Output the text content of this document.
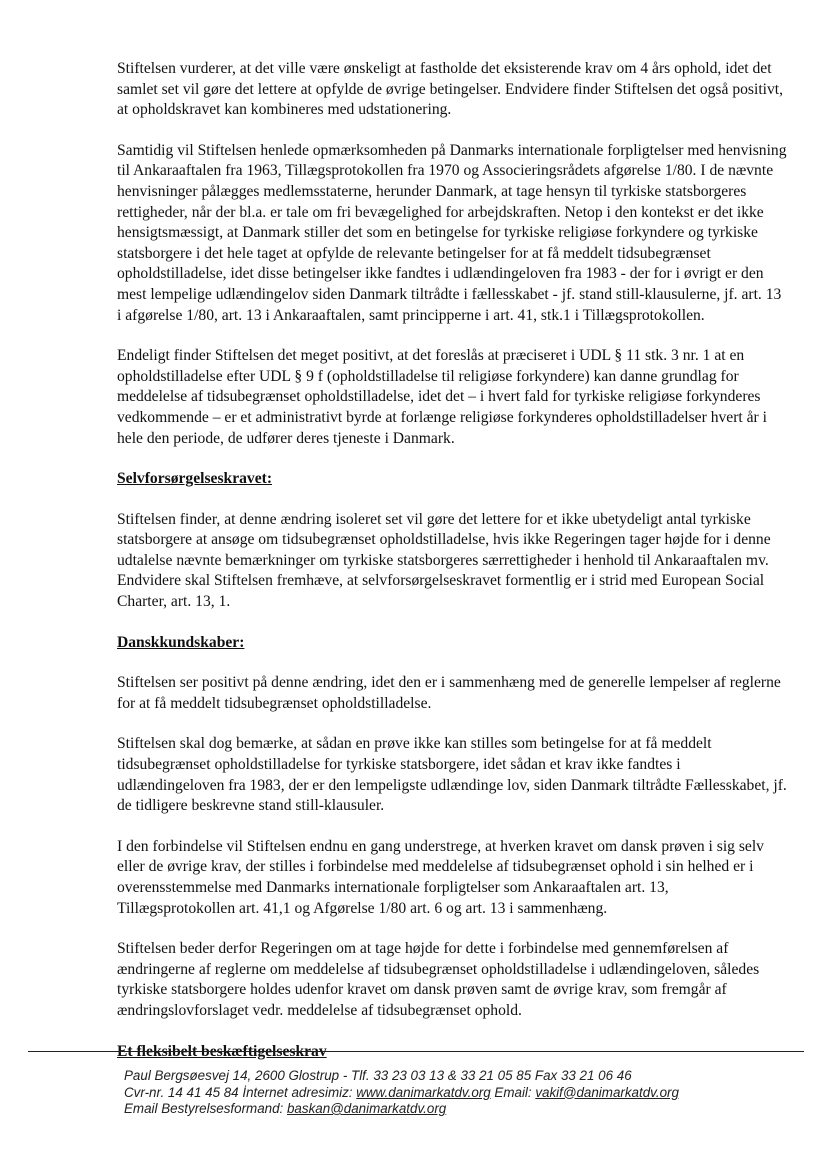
Stiftelsen vurderer, at det ville være ønskeligt at fastholde det eksisterende krav om 4 års ophold, idet det samlet set vil gøre det lettere at opfylde de øvrige betingelser. Endvidere finder Stiftelsen det også positivt, at opholdskravet kan kombineres med udstationering.

Samtidig vil Stiftelsen henlede opmærksomheden på Danmarks internationale forpligtelser med henvisning til Ankaraaftalen fra 1963, Tillægsprotokollen fra 1970 og Associeringsrådets afgørelse 1/80. I de nævnte henvisninger pålægges medlemsstaterne, herunder Danmark, at tage hensyn til tyrkiske statsborgeres rettigheder, når der bl.a. er tale om fri bevægelighed for arbejdskraften. Netop i den kontekst er det ikke hensigtsmæssigt, at Danmark stiller det som en betingelse for tyrkiske religiøse forkyndere og tyrkiske statsborgere i det hele taget at opfylde de relevante betingelser for at få meddelt tidsubegrænset opholdstilladelse, idet disse betingelser ikke fandtes i udlændingeloven fra 1983 - der for i øvrigt er den mest lempelige udlændingelov siden Danmark tiltrådte i fællesskabet - jf. stand still-klausulerne, jf. art. 13 i afgørelse 1/80, art. 13 i Ankaraaftalen, samt principperne i art. 41, stk.1 i Tillægsprotokollen.

Endeligt finder Stiftelsen det meget positivt, at det foreslås at præciseret i UDL § 11 stk. 3 nr. 1 at en opholdstilladelse efter UDL § 9 f (opholdstilladelse til religiøse forkyndere) kan danne grundlag for meddelelse af tidsubegrænset opholdstilladelse, idet det – i hvert fald for tyrkiske religiøse forkynderes vedkommende – er et administrativt byrde at forlænge religiøse forkynderes opholdstilladelser hvert år i hele den periode, de udfører deres tjeneste i Danmark.

Selvforsørgelseskravet:

Stiftelsen finder, at denne ændring isoleret set vil gøre det lettere for et ikke ubetydeligt antal tyrkiske statsborgere at ansøge om tidsubegrænset opholdstilladelse, hvis ikke Regeringen tager højde for i denne udtalelse nævnte bemærkninger om tyrkiske statsborgeres særrettigheder i henhold til Ankaraaftalen mv. Endvidere skal Stiftelsen fremhæve, at selvforsørgelseskravet formentlig er i strid med European Social Charter, art. 13, 1.

Danskkundskaber:

Stiftelsen ser positivt på denne ændring, idet den er i sammenhæng med de generelle lempelser af reglerne for at få meddelt tidsubegrænset opholdstilladelse.

Stiftelsen skal dog bemærke, at sådan en prøve ikke kan stilles som betingelse for at få meddelt tidsubegrænset opholdstilladelse for tyrkiske statsborgere, idet sådan et krav ikke fandtes i udlændingeloven fra 1983, der er den lempeligste udlændinge lov, siden Danmark tiltrådte Fællesskabet, jf. de tidligere beskrevne stand still-klausuler.

I den forbindelse vil Stiftelsen endnu en gang understrege, at hverken kravet om dansk prøven i sig selv eller de øvrige krav, der stilles i forbindelse med meddelelse af tidsubegrænset ophold i sin helhed er i overensstemmelse med Danmarks internationale forpligtelser som Ankaraaftalen art. 13, Tillægsprotokollen art. 41,1 og Afgørelse 1/80 art. 6 og art. 13 i sammenhæng.

Stiftelsen beder derfor Regeringen om at tage højde for dette i forbindelse med gennemførelsen af ændringerne af reglerne om meddelelse af tidsubegrænset opholdstilladelse i udlændingeloven, således tyrkiske statsborgere holdes udenfor kravet om dansk prøven samt de øvrige krav, som fremgår af ændringslovforslaget vedr. meddelelse af tidsubegrænset ophold.

Et fleksibelt beskæftigelseskrav
Paul Bergsøesvej 14, 2600 Glostrup - Tlf. 33 23 03 13 & 33 21 05 85 Fax 33 21 06 46
Cvr-nr. 14 41 45 84 İnternet adresimiz: www.danimarkatdv.org Email: vakif@danimarkatdv.org
Email Bestyrelsesformand: baskan@danimarkatdv.org
